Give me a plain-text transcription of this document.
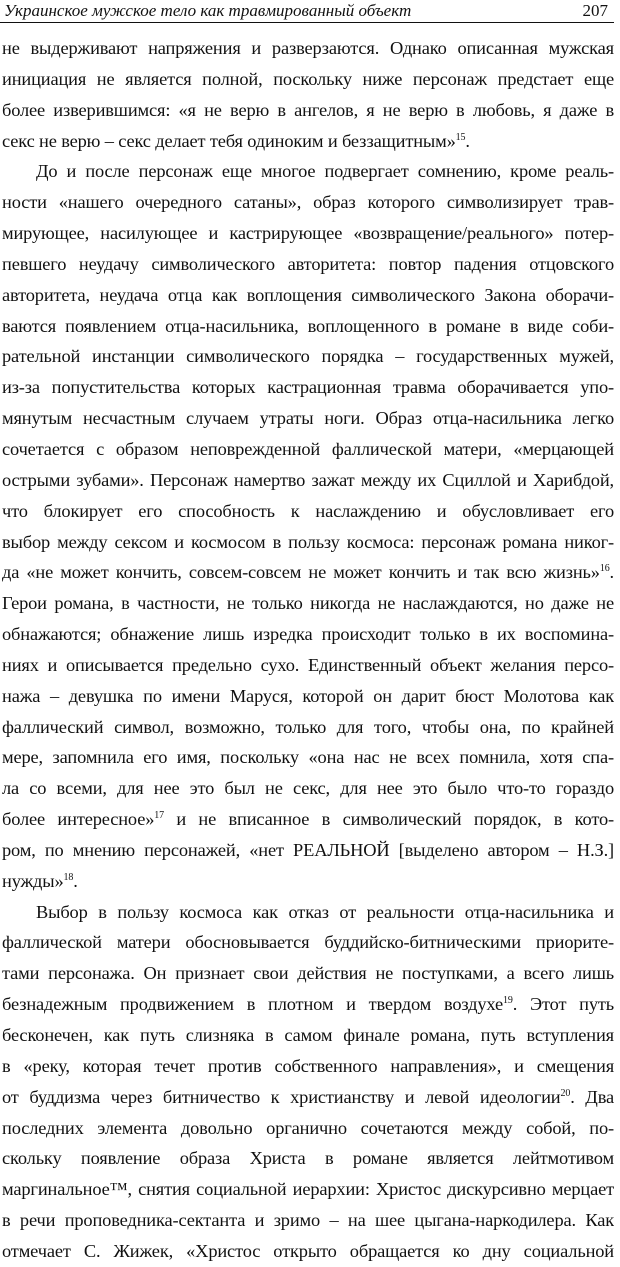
Украинское мужское тело как травмированный объект	207
не выдерживают напряжения и разверзаются. Однако описанная мужская
инициация не является полной, поскольку ниже персонаж предстает еще
более изверившимся: «я не верю в ангелов, я не верю в любовь, я даже в
секс не верю – секс делает тебя одиноким и беззащитным»$^{15}$.
До и после персонаж еще многое подвергает сомнению, кроме реаль-
ности «нашего очередного сатаны», образ которого символизирует трав-
мирующее, насилующее и кастрирующее «возвращение/реального» потер-
певшего неудачу символического авторитета: повтор падения отцовского
авторитета, неудача отца как воплощения символического Закона оборачи-
ваются появлением отца-насильника, воплощенного в романе в виде соби-
рательной инстанции символического порядка – государственных мужей,
из-за попустительства которых кастрационная травма оборачивается упо-
мянутым несчастным случаем утраты ноги. Образ отца-насильника легко
сочетается с образом неповрежденной фаллической матери, «мерцающей
острыми зубами». Персонаж намертво зажат между их Сциллой и Харибдой, что блокирует его способность к наслаждению и обусловливает его
выбор между сексом и космосом в пользу космоса: персонаж романа никог-
да «не может кончить, совсем-совсем не может кончить и так всю жизнь»$^{16}$.
Герои романа, в частности, не только никогда не наслаждаются, но даже не
обнажаются; обнажение лишь изредка происходит только в их воспомина-
ниях и описывается предельно сухо. Единственный объект желания персо-
нажа – девушка по имени Маруся, которой он дарит бюст Молотова как
фаллический символ, возможно, только для того, чтобы она, по крайней
мере, запомнила его имя, поскольку «она нас не всех помнила, хотя спа-
ла со всеми, для нее это был не секс, для нее это было что-то гораздо
более интересное»$^{17}$ и не вписанное в символический порядок, в кото-
ром, по мнению персонажей, «нет РЕАЛЬНОЙ [выделено автором – Н.З.]
нужды»$^{18}$.
Выбор в пользу космоса как отказ от реальности отца-насильника и
фаллической матери обосновывается буддийско-битническими приорите-
тами персонажа. Он признает свои действия не поступками, а всего лишь
безнадежным продвижением в плотном и твердом воздухе$^{19}$. Этот путь
бесконечен, как путь слизняка в самом финале романа, путь вступления
в «реку, которая течет против собственного направления», и смещения
от буддизма через битничество к христианству и левой идеологии$^{20}$. Два
последних элемента довольно органично сочетаются между собой, по-
скольку появление образа Христа в романе является лейтмотивом маргинальное™, снятия социальной иерархии: Христос дискурсивно мерцает
в речи проповедника-сектанта и зримо – на шее цыгана-наркодилера. Как
отмечает С. Жижек, «Христос открыто обращается ко дну социальной
